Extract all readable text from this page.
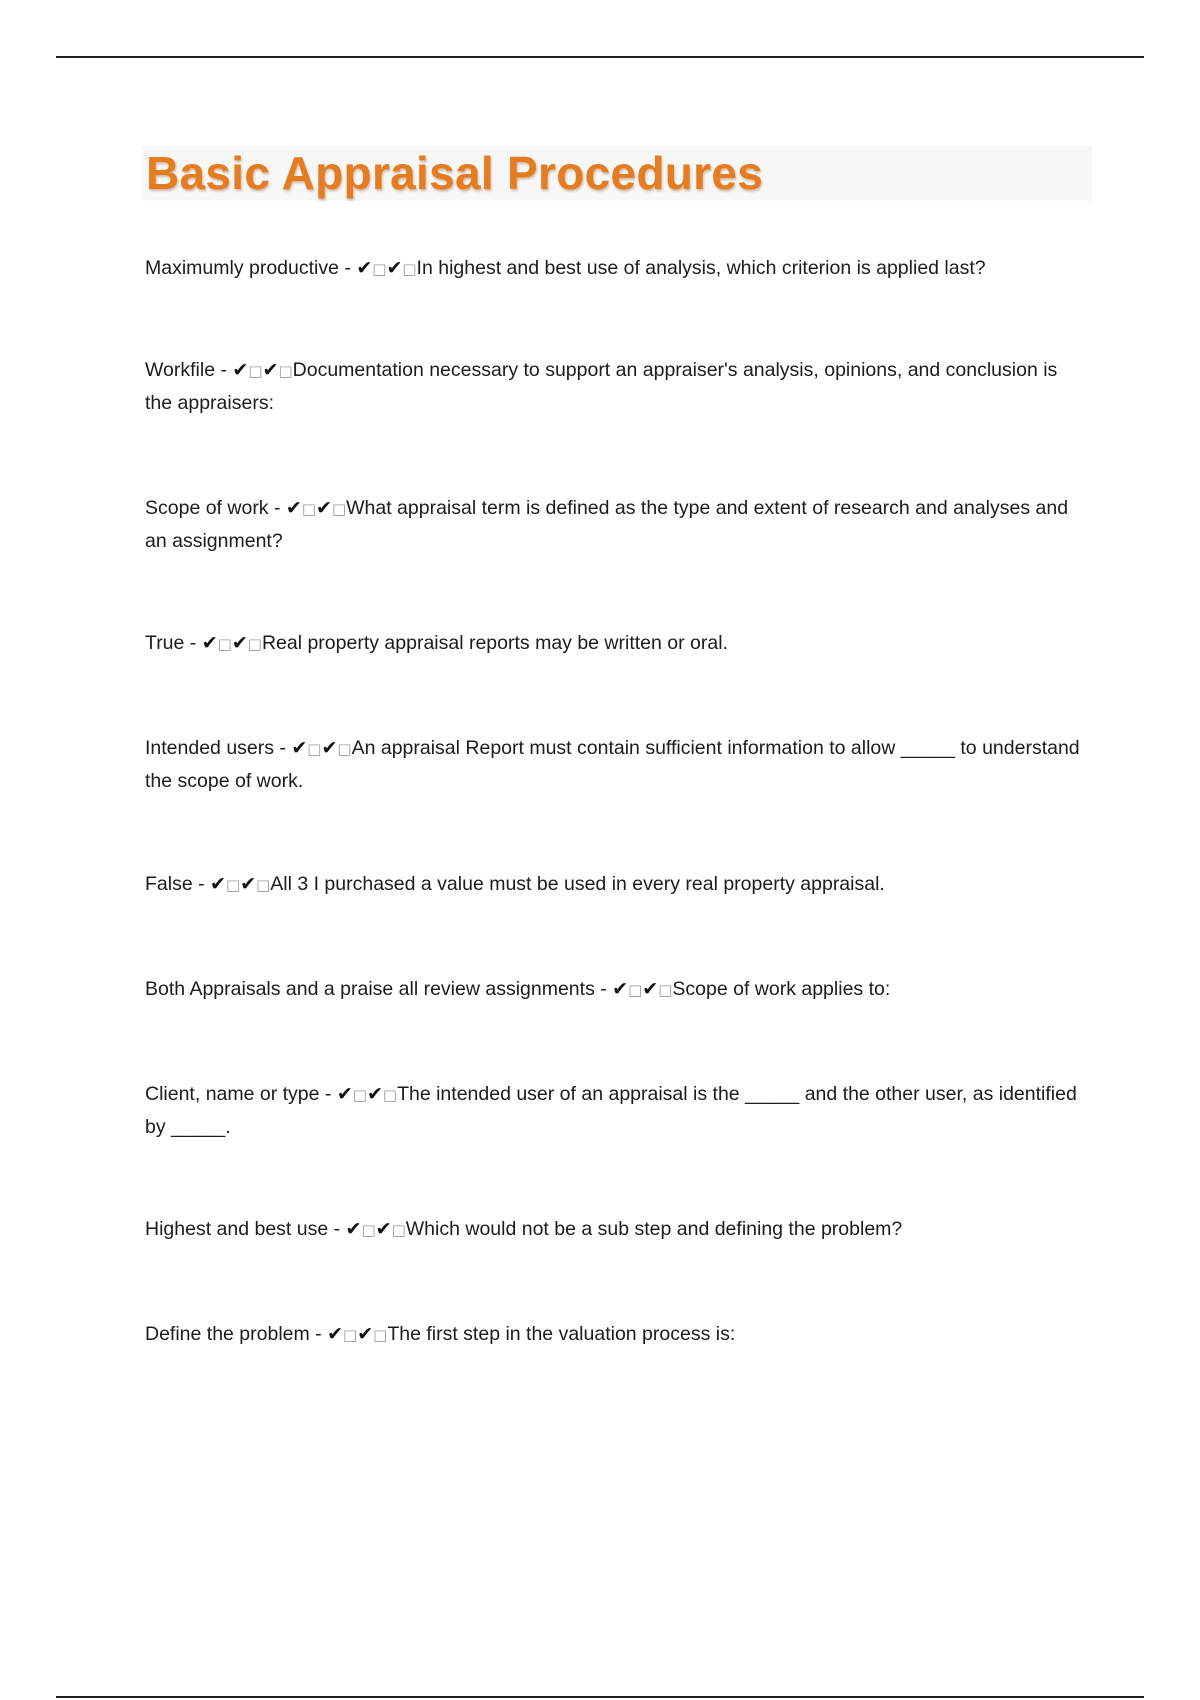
Basic Appraisal Procedures
Maximumly productive - ✔□✔□In highest and best use of analysis, which criterion is applied last?
Workfile - ✔□✔□Documentation necessary to support an appraiser's analysis, opinions, and conclusion is the appraisers:
Scope of work - ✔□✔□What appraisal term is defined as the type and extent of research and analyses and an assignment?
True - ✔□✔□Real property appraisal reports may be written or oral.
Intended users - ✔□✔□An appraisal Report must contain sufficient information to allow _____ to understand the scope of work.
False - ✔□✔□All 3 I purchased a value must be used in every real property appraisal.
Both Appraisals and a praise all review assignments - ✔□✔□Scope of work applies to:
Client, name or type - ✔□✔□The intended user of an appraisal is the _____ and the other user, as identified by _____.
Highest and best use - ✔□✔□Which would not be a sub step and defining the problem?
Define the problem - ✔□✔□The first step in the valuation process is:
